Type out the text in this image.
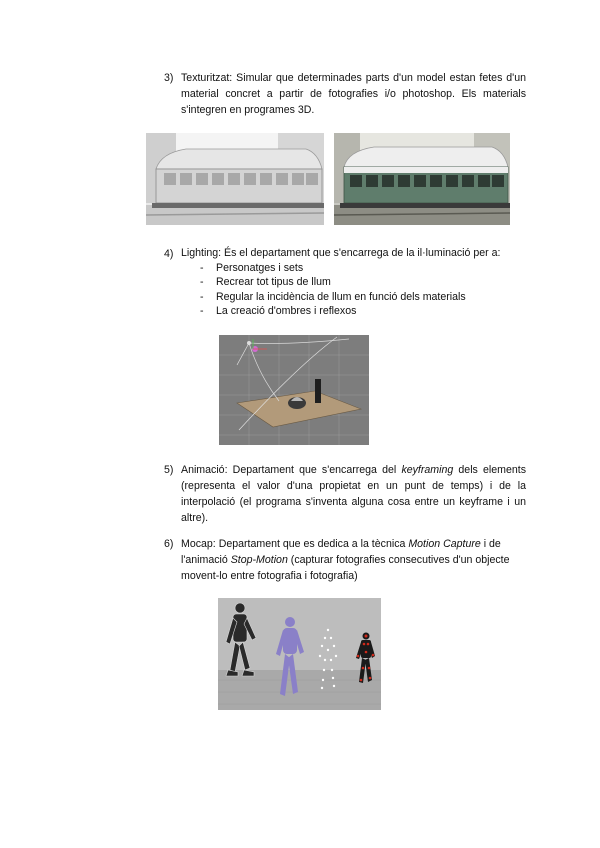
3) Texturitzat: Simular que determinades parts d'un model estan fetes d'un material concret a partir de fotografies i/o photoshop. Els materials s'integren en programes 3D.
4) Lighting: És el departament que s'encarrega de la il·luminació per a:
- Personatges i sets
- Recrear tot tipus de llum
- Regular la incidència de llum en funció dels materials
- La creació d'ombres i reflexos
5) Animació: Departament que s'encarrega del keyframing dels elements (representa el valor d'una propietat en un punt de temps) i de la interpolació (el programa s'inventa alguna cosa entre un keyframe i un altre).
6) Mocap: Departament que es dedica a la tècnica Motion Capture i de l'animació Stop-Motion (capturar fotografies consecutives d'un objecte movent-lo entre fotografia i fotografia)
